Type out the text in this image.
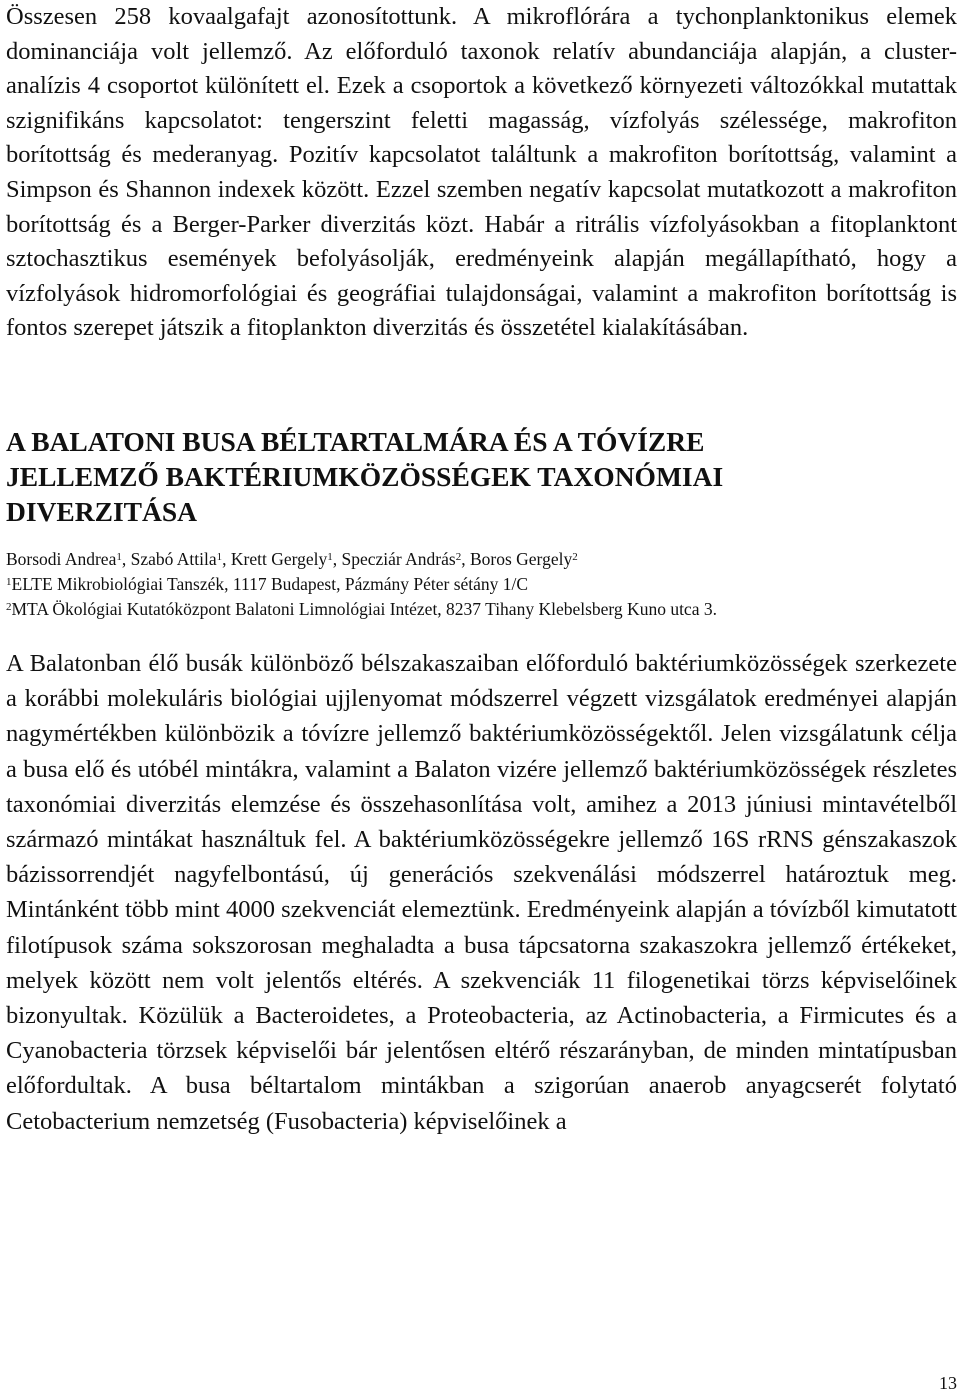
Összesen 258 kovaalgafajt azonosítottunk. A mikroflórára a tychonplanktonikus elemek dominanciája volt jellemző. Az előforduló taxonok relatív abundanciája alapján, a cluster-analízis 4 csoportot különített el. Ezek a csoportok a következő környezeti változókkal mutattak szignifikáns kapcsolatot: tengerszint feletti magasság, vízfolyás szélessége, makrofiton borítottság és mederanyag. Pozitív kapcsolatot találtunk a makrofiton borítottság, valamint a Simpson és Shannon indexek között. Ezzel szemben negatív kapcsolat mutatkozott a makrofiton borítottság és a Berger-Parker diverzitás közt. Habár a ritrális vízfolyásokban a fitoplanktont sztochasztikus események befolyásolják, eredményeink alapján megállapítható, hogy a vízfolyások hidromorfológiai és geográfiai tulajdonságai, valamint a makrofiton borítottság is fontos szerepet játszik a fitoplankton diverzitás és összetétel kialakításában.

A BALATONI BUSA BÉLTARTALMÁRA ÉS A TÓVÍZRE
JELLEMZŐ BAKTÉRIUMKÖZÖSSÉGEK TAXONÓMIAI
DIVERZITÁSA
Borsodi Andrea$^1$, Szabó Attila$^1$, Krett Gergely$^1$, Specziár András$^2$, Boros Gergely$^2$
$^1$ELTE Mikrobiológiai Tanszék, 1117 Budapest, Pázmány Péter sétány 1/C
$^2$MTA Ökológiai Kutatóközpont Balatoni Limnológiai Intézet, 8237 Tihany Klebelsberg Kuno utca 3.

A Balatonban élő busák különböző bélszakaszaiban előforduló baktériumközösségek szerkezete a korábbi molekuláris biológiai ujjlenyomat módszerrel végzett vizsgálatok eredményei alapján nagymértékben különbözik a tóvízre jellemző baktériumközösségektől. Jelen vizsgálatunk célja a busa elő és utóbél mintákra, valamint a Balaton vizére jellemző baktériumközösségek részletes taxonómiai diverzitás elemzése és összehasonlítása volt, amihez a 2013 júniusi mintavételből származó mintákat használtuk fel. A baktériumközösségekre jellemző 16S rRNS génszakaszok bázissorrendjét nagyfelbontású, új generációs szekvenálási módszerrel határoztuk meg. Mintánként több mint 4000 szekvenciát elemeztünk. Eredményeink alapján a tóvízből kimutatott filotípusok száma sokszorosan meghaladta a busa tápcsatorna szakaszokra jellemző értékeket, melyek között nem volt jelentős eltérés. A szekvenciák 11 filogenetikai törzs képviselőinek bizonyultak. Közülük a Bacteroidetes, a Proteobacteria, az Actinobacteria, a Firmicutes és a Cyanobacteria törzsek képviselői bár jelentősen eltérő részarányban, de minden mintatípusban előfordultak. A busa béltartalom mintákban a szigorúan anaerob anyagcserét folytató Cetobacterium nemzetség (Fusobacteria) képviselőinek a

13
